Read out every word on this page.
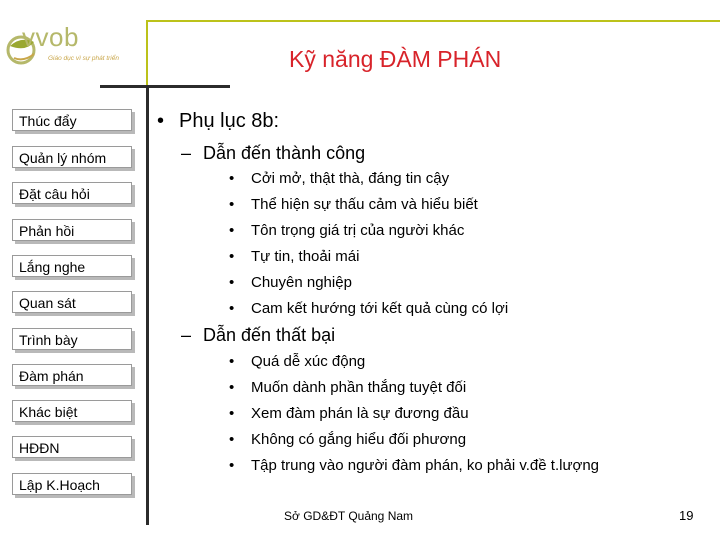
vvob
Giáo dục vì sự phát triển	Kỹ năng ĐÀM PHÁN
Thúc đẩy
Quản lý nhóm
Đặt câu hỏi
Phản hồi
Lắng nghe
Quan sát
Trình bày
Đàm phán
Khác biệt
HĐĐN
Lập K.Hoạch
• Phụ lục 8b:
– Dẫn đến thành công
• Cởi mở, thật thà, đáng tin cậy
• Thể hiện sự thấu cảm và hiểu biết
• Tôn trọng giá trị của người khác
• Tự tin, thoải mái
• Chuyên nghiệp
• Cam kết hướng tới kết quả cùng có lợi
– Dẫn đến thất bại
• Quá dễ xúc động
• Muốn dành phần thắng tuyệt đối
• Xem đàm phán là sự đương đầu
• Không có gắng hiểu đối phương
• Tập trung vào người đàm phán, ko phải v.đề t.lượng
Sở GD&ĐT Quảng Nam	19
